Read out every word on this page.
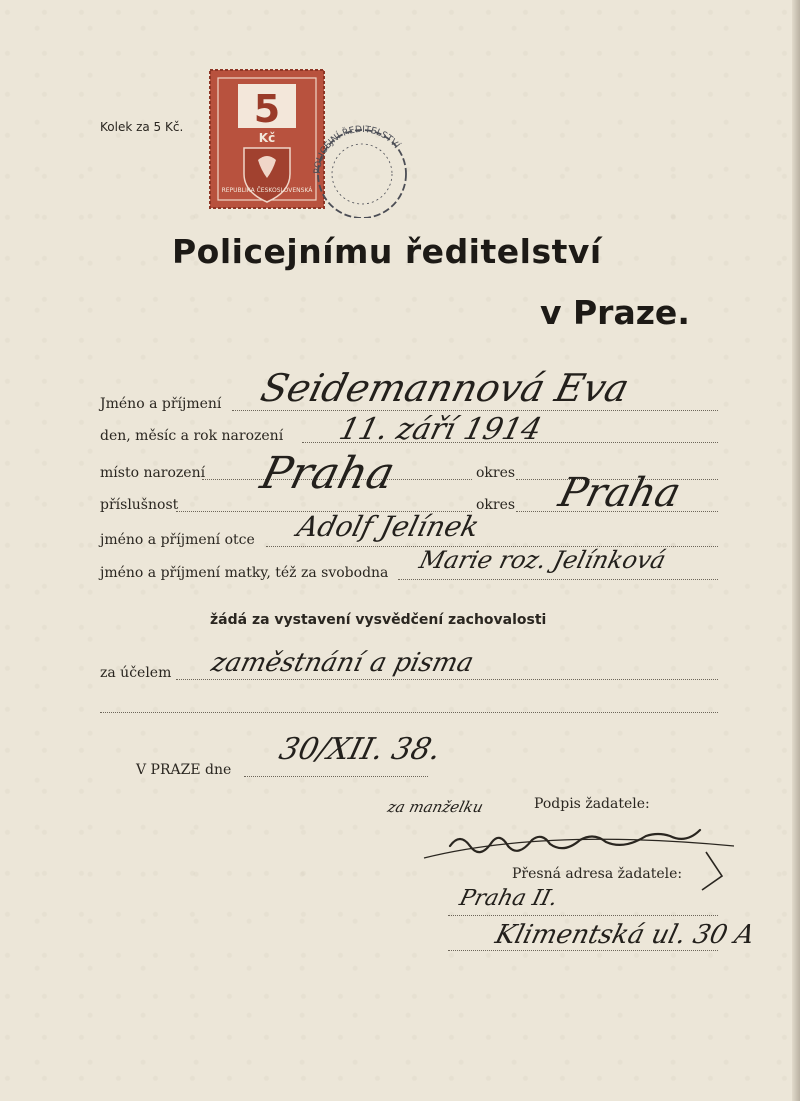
Kolek za 5 Kč. 5
Kč
REPUBLIKA ČESKOSLOVENSKÁ
POLICEJNÍ ŘEDITELSTVÍ
Policejnímu ředitelství
v Praze.
Jméno a příjmení Seidemannová Eva
den, měsíc a rok narození 11. září 1914
místo narození	okres
příslušnost
Praha
okres Praha
jméno a příjmení otce Adolf Jelínek
jméno a příjmení matky, též za svobodna Marie roz. Jelínková
žádá za vystavení vysvědčení zachovalosti
za účelem zaměstnání a pisma
V PRAZE dne
30/XII. 38.
za manželku	Podpis žadatele:
Přesná adresa žadatele:
Praha II.
Klimentská ul. 30 A
